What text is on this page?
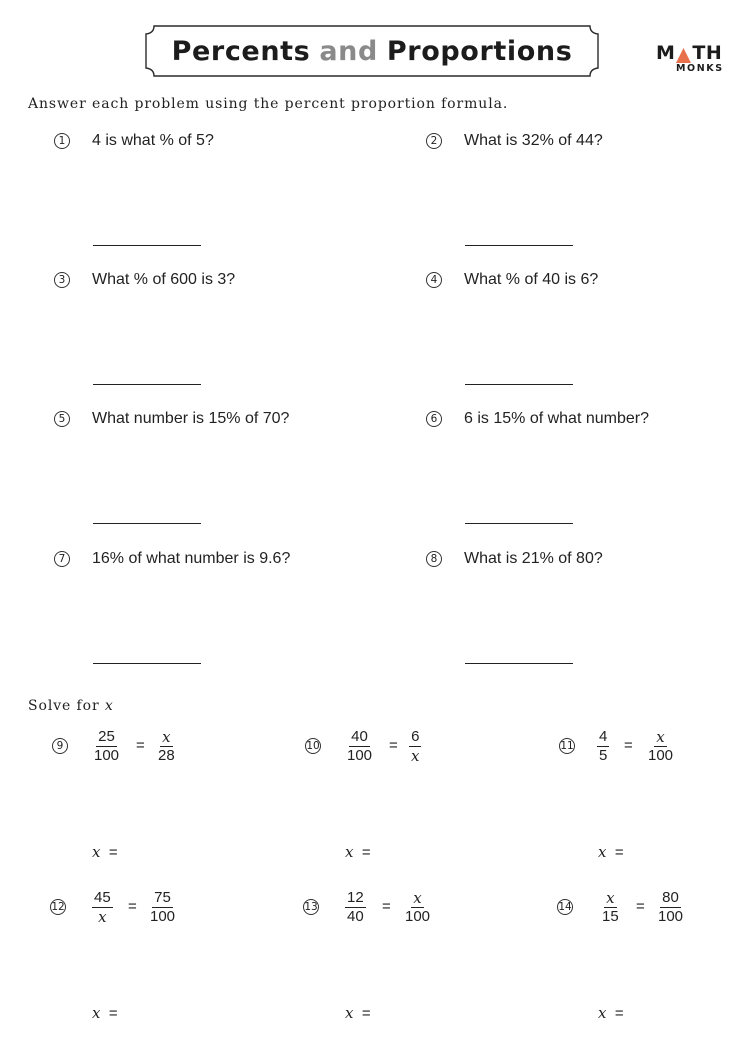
Percents and Proportions	M TH
MONKS
Answer each problem using the percent proportion formula.
1 4 is what % of 5?
3 What % of 600 is 3?
5 What number is 15% of 70?
7 16% of what number is 9.6?
2 What is 32% of 44?
4 What % of 40 is 6?
6 6 is 15% of what number?
8 What is 21% of 80?
Solve for x
9	$\frac{25}{100} = \frac{x}{28}$
x =
$10 \frac{40}{100} = \frac{6}{x}$
x =
$11 \frac{4}{5} = \frac{x}{100}$
x =
$12 \frac{45}{x} = \frac{75}{100}$
x =
$13 \frac{12}{40} = \frac{x}{100}$
x =
$14 \frac{x}{15} = \frac{80}{100}$
x =
